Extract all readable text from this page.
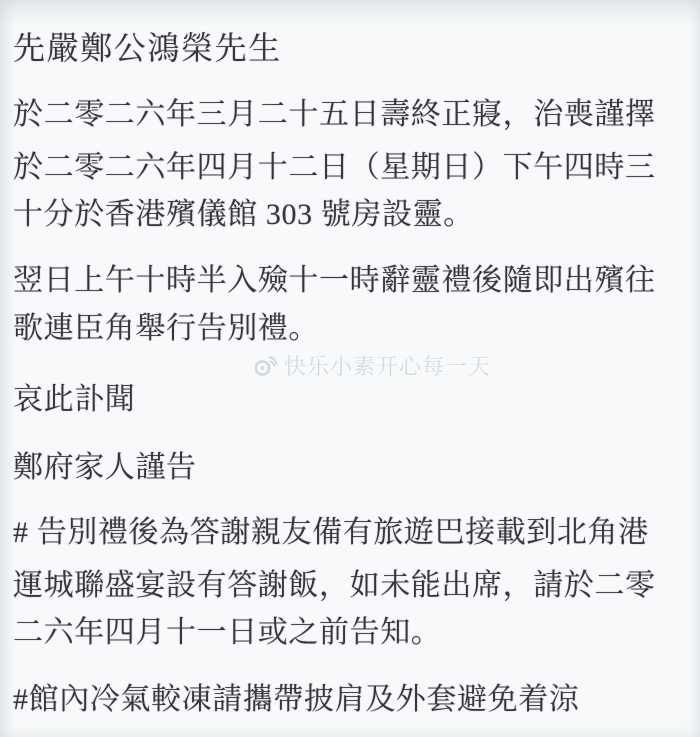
先嚴鄭公鴻榮先生
於二零二六年三月二十五日壽終正寢，治喪謹擇
於二零二六年四月十二日（星期日）下午四時三
十分於香港殯儀館 303 號房設靈。
翌日上午十時半入殮十一時辭靈禮後隨即出殯往
歌連臣角舉行告別禮。
快乐小素开心每一天
哀此訃聞
鄭府家人謹告
# 告別禮後為答謝親友備有旅遊巴接載到北角港
運城聯盛宴設有答謝飯，如未能出席，請於二零
二六年四月十一日或之前告知。
#館內冷氣較凍請攜帶披肩及外套避免着涼
